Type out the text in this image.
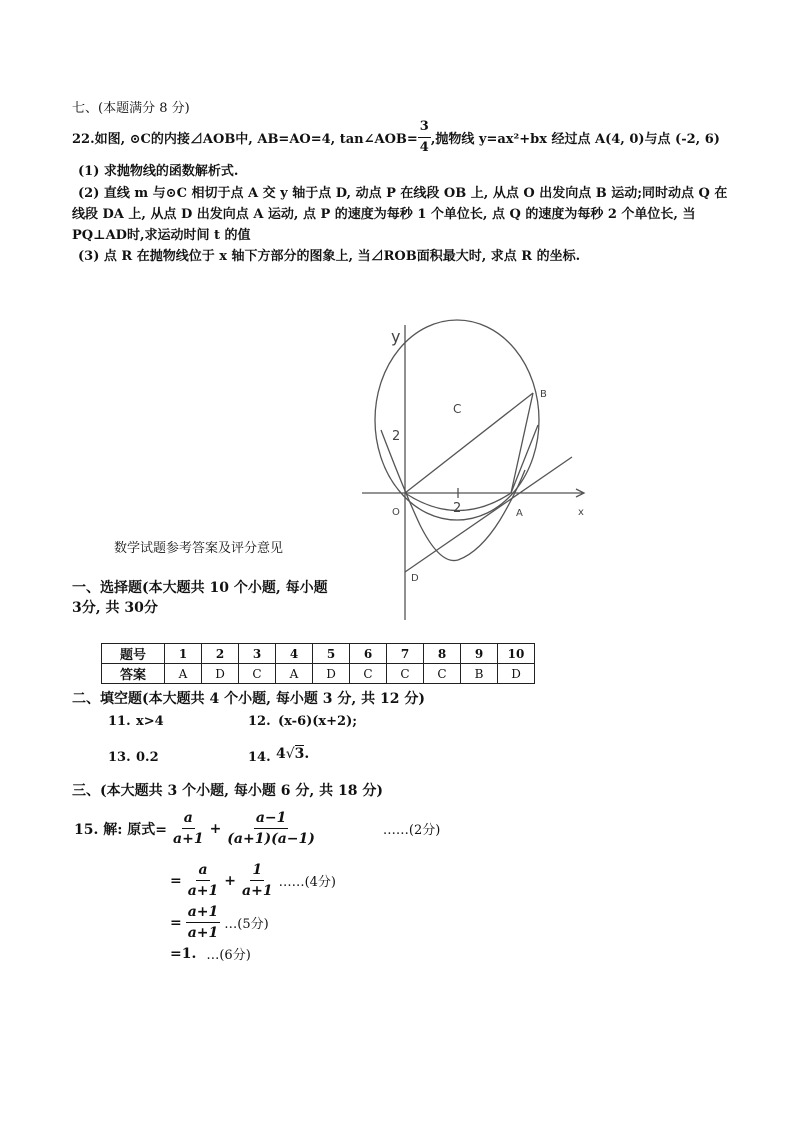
七、(本题满分 8 分)
22.如图, ⊙C的内接⊿AOB中, AB=AO=4, tan∠AOB= $\frac{3}{4}$ ,抛物线 y=ax²+bx 经过点 A(4, 0)与点 (-2, 6)
(1) 求抛物线的函数解析式.
(2) 直线 m 与⊙C 相切于点 A 交 y 轴于点 D, 动点 P 在线段 OB 上, 从点 O 出发向点 B 运动;同时动点 Q 在
线段 DA 上, 从点 D 出发向点 A 运动, 点 P 的速度为每秒 1 个单位长, 点 Q 的速度为每秒 2 个单位长, 当
PQ⊥AD时,求运动时间 t 的值
(3) 点 R 在抛物线位于 x 轴下方部分的图象上, 当⊿ROB面积最大时, 求点 R 的坐标.
y
x
O	A
B
C
D
2
2
数学试题参考答案及评分意见
一、选择题(本大题共 10 个小题, 每小题
3分, 共 30分
题号	1	2	3	4	5	6	7	8	9	10
答案	A	D	C	A	D	C	C	C	B	D
二、填空题(本大题共 4 个小题, 每小题 3 分, 共 12 分)
11. x>4	12. (x-6)(x+2);
13. 0.2	14. 4√3.
三、(本大题共 3 个小题, 每小题 6 分, 共 18 分)
15. 解: 原式= $\frac{a}{a+1} + \frac{a-1}{(a+1)(a-1)}$	……(2分)
= $\frac{a}{a+1} + \frac{1}{a+1}$ ……(4分)
= $\frac{a+1}{a+1}$ …(5分)
=1. …(6分)
